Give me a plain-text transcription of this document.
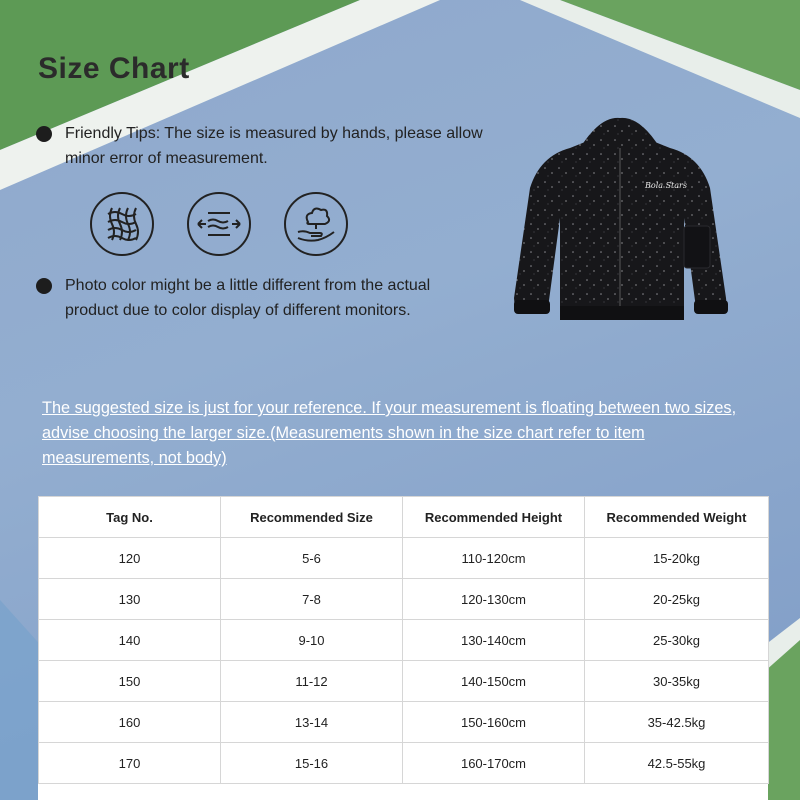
Size Chart
Friendly Tips: The size is measured by hands, please allow minor error of measurement.
Photo color might be a little different from the actual product due to color display of different monitors.
Bola Stars
The suggested size is just for your reference. If your measurement is floating between two sizes, advise choosing the larger size.(Measurements shown in the size chart refer to item measurements, not body)
Tag No.	Recommended Size	Recommended Height	Recommended Weight
120	5-6	110-120cm	15-20kg
130	7-8	120-130cm	20-25kg
140	9-10	130-140cm	25-30kg
150	11-12	140-150cm	30-35kg
160	13-14	150-160cm	35-42.5kg
170	15-16	160-170cm	42.5-55kg
